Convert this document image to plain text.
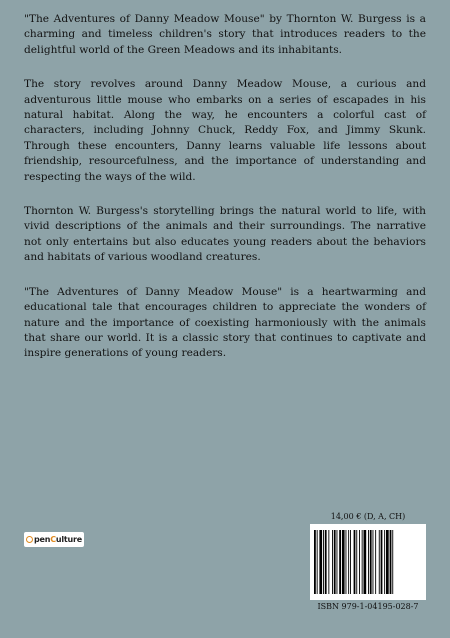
"The Adventures of Danny Meadow Mouse" by Thornton W. Burgess is a charming and timeless children's story that introduces readers to the delightful world of the Green Meadows and its inhabitants.

The story revolves around Danny Meadow Mouse, a curious and adventurous little mouse who embarks on a series of escapades in his natural habitat. Along the way, he encounters a colorful cast of characters, including Johnny Chuck, Reddy Fox, and Jimmy Skunk. Through these encounters, Danny learns valuable life lessons about friendship, resourcefulness, and the importance of understanding and respecting the ways of the wild.

Thornton W. Burgess's storytelling brings the natural world to life, with vivid descriptions of the animals and their surroundings. The narrative not only entertains but also educates young readers about the behaviors and habitats of various woodland creatures.

"The Adventures of Danny Meadow Mouse" is a heartwarming and educational tale that encourages children to appreciate the wonders of nature and the importance of coexisting harmoniously with the animals that share our world. It is a classic story that continues to captivate and inspire generations of young readers.

pen C ulture
14,00 € (D, A, CH)
ISBN 979-1-04195-028-7
